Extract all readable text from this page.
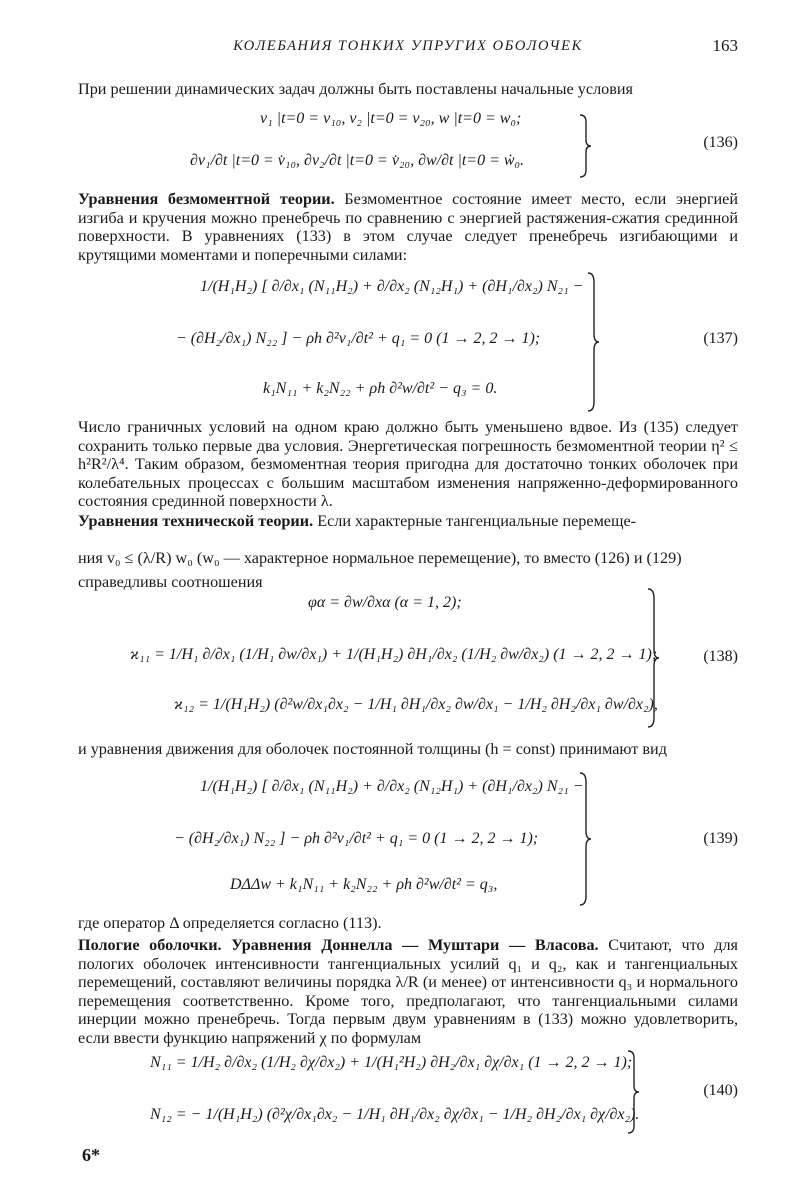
КОЛЕБАНИЯ ТОНКИХ УПРУГИХ ОБОЛОЧЕК	163

При решении динамических задач должны быть поставлены начальные условия

v₁ |t=0 = v₁₀, v₂ |t=0 = v₂₀, w |t=0 = w₀;
∂v₁/∂t |t=0 = v̇₁₀, ∂v₂/∂t |t=0 = v̇₂₀, ∂w/∂t |t=0 = ẇ₀.
(136)

Уравнения безмоментной теории. Безмоментное состояние имеет место, если энергией изгиба и кручения можно пренебречь по сравнению с энергией растяжения-сжатия срединной поверхности. В уравнениях (133) в этом случае следует пренебречь изгибающими и крутящими моментами и поперечными силами:

1/(H₁H₂) [ ∂/∂x₁ (N₁₁H₂) + ∂/∂x₂ (N₁₂H₁) + (∂H₁/∂x₂) N₂₁ −
− (∂H₂/∂x₁) N₂₂ ] − ρh ∂²v₁/∂t² + q₁ = 0 (1 → 2, 2 → 1);
k₁N₁₁ + k₂N₂₂ + ρh ∂²w/∂t² − q₃ = 0.
(137)

Число граничных условий на одном краю должно быть уменьшено вдвое. Из (135) следует сохранить только первые два условия. Энергетическая погрешность безмоментной теории η² ≤ h²R²/λ⁴. Таким образом, безмоментная теория пригодна для достаточно тонких оболочек при колебательных процессах с большим масштабом изменения напряженно-деформированного состояния срединной поверхности λ.

Уравнения технической теории. Если характерные тангенциальные перемеще-

ния v₀ ≤ (λ/R) w₀ (w₀ — характерное нормальное перемещение), то вместо (126) и (129)

справедливы соотношения

φα = ∂w/∂xα (α = 1, 2);
ϰ₁₁ = 1/H₁ ∂/∂x₁ (1/H₁ ∂w/∂x₁) + 1/(H₁H₂) ∂H₁/∂x₂ (1/H₂ ∂w/∂x₂) (1 → 2, 2 → 1);
ϰ₁₂ = 1/(H₁H₂) (∂²w/∂x₁∂x₂ − 1/H₁ ∂H₁/∂x₂ ∂w/∂x₁ − 1/H₂ ∂H₂/∂x₁ ∂w/∂x₂),
(138)

и уравнения движения для оболочек постоянной толщины (h = const) принимают вид

1/(H₁H₂) [ ∂/∂x₁ (N₁₁H₂) + ∂/∂x₂ (N₁₂H₁) + (∂H₁/∂x₂) N₂₁ −
− (∂H₂/∂x₁) N₂₂ ] − ρh ∂²v₁/∂t² + q₁ = 0 (1 → 2, 2 → 1);
DΔΔw + k₁N₁₁ + k₂N₂₂ + ρh ∂²w/∂t² = q₃,
(139)

где оператор Δ определяется согласно (113).

Пологие оболочки. Уравнения Доннелла — Муштари — Власова. Считают, что для пологих оболочек интенсивности тангенциальных усилий q₁ и q₂, как и тангенциальных перемещений, составляют величины порядка λ/R (и менее) от интенсивности q₃ и нормального перемещения соответственно. Кроме того, предполагают, что тангенциальными силами инерции можно пренебречь. Тогда первым двум уравнениям в (133) можно удовлетворить, если ввести функцию напряжений χ по формулам

N₁₁ = 1/H₂ ∂/∂x₂ (1/H₂ ∂χ/∂x₂) + 1/(H₁²H₂) ∂H₂/∂x₁ ∂χ/∂x₁ (1 → 2, 2 → 1);
N₁₂ = − 1/(H₁H₂) (∂²χ/∂x₁∂x₂ − 1/H₁ ∂H₁/∂x₂ ∂χ/∂x₁ − 1/H₂ ∂H₂/∂x₁ ∂χ/∂x₂).
(140)
6*
